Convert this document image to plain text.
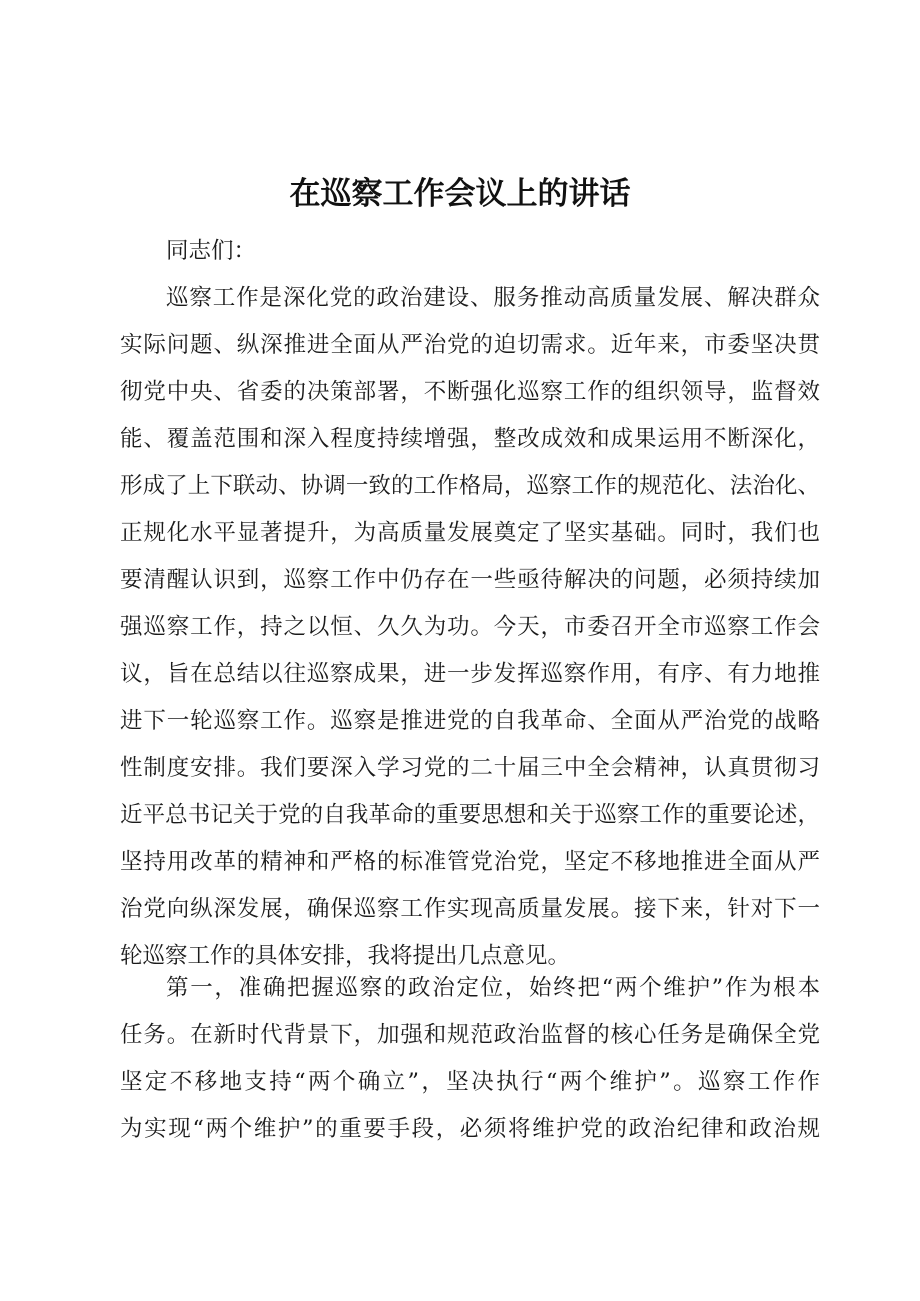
在巡察工作会议上的讲话
同志们：
巡察工作是深化党的政治建设、服务推动高质量发展、解决群众
实际问题、纵深推进全面从严治党的迫切需求。近年来，市委坚决贯
彻党中央、省委的决策部署，不断强化巡察工作的组织领导，监督效
能、覆盖范围和深入程度持续增强，整改成效和成果运用不断深化，
形成了上下联动、协调一致的工作格局，巡察工作的规范化、法治化、
正规化水平显著提升，为高质量发展奠定了坚实基础。同时，我们也
要清醒认识到，巡察工作中仍存在一些亟待解决的问题，必须持续加
强巡察工作，持之以恒、久久为功。今天，市委召开全市巡察工作会
议，旨在总结以往巡察成果，进一步发挥巡察作用，有序、有力地推
进下一轮巡察工作。巡察是推进党的自我革命、全面从严治党的战略
性制度安排。我们要深入学习党的二十届三中全会精神，认真贯彻习
近平总书记关于党的自我革命的重要思想和关于巡察工作的重要论述，
坚持用改革的精神和严格的标准管党治党，坚定不移地推进全面从严
治党向纵深发展，确保巡察工作实现高质量发展。接下来，针对下一
轮巡察工作的具体安排，我将提出几点意见。
第一，准确把握巡察的政治定位，始终把“两个维护”作为根本
任务。在新时代背景下，加强和规范政治监督的核心任务是确保全党
坚定不移地支持“两个确立”，坚决执行“两个维护”。巡察工作作
为实现“两个维护”的重要手段，必须将维护党的政治纪律和政治规
